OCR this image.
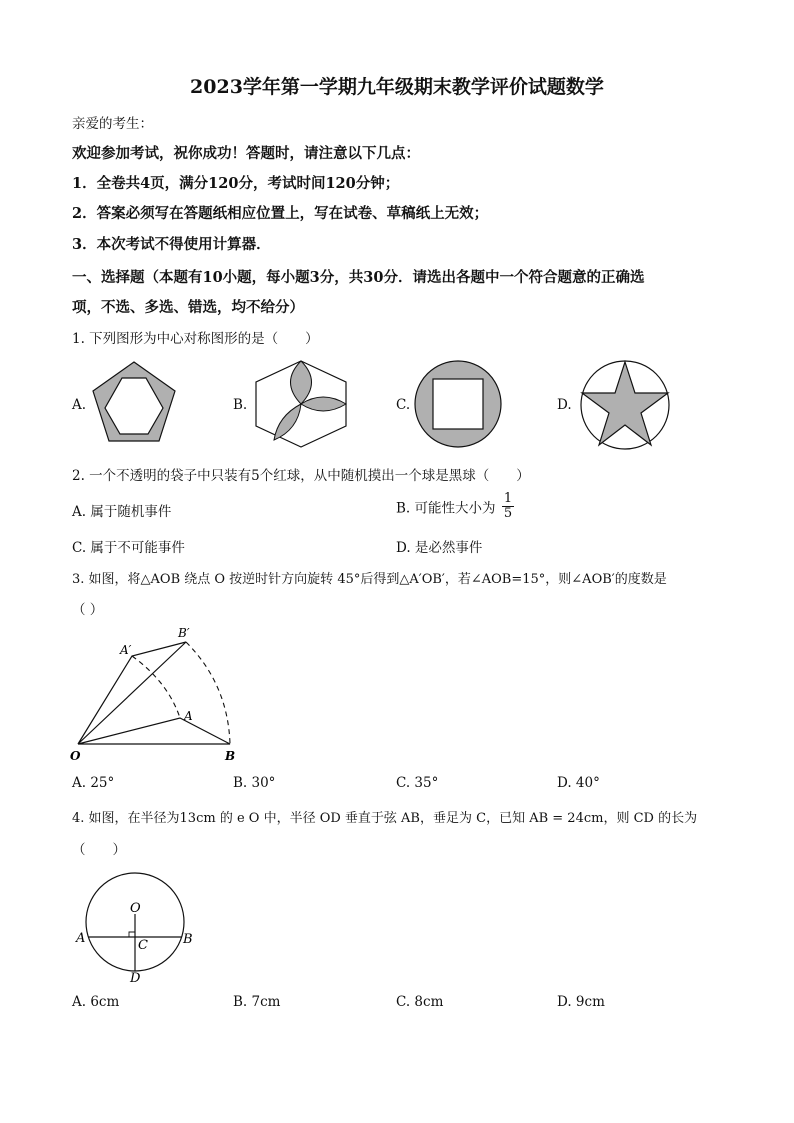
2023学年第一学期九年级期末教学评价试题数学
亲爱的考生：
欢迎参加考试，祝你成功！答题时，请注意以下几点：
1．全卷共4页，满分120分，考试时间120分钟；
2．答案必须写在答题纸相应位置上，写在试卷、草稿纸上无效；
3．本次考试不得使用计算器．
一、选择题（本题有10小题，每小题3分，共30分．请选出各题中一个符合题意的正确选
项，不选、多选、错选，均不给分）
1. 下列图形为中心对称图形的是（　　）
A.	B.	C.	D.
2. 一个不透明的袋子中只装有5个红球，从中随机摸出一个球是黑球（　　）
A. 属于随机事件	B. 可能性大小为 $\frac{1}{5}$
C. 属于不可能事件	D. 是必然事件
3. 如图，将△AOB 绕点 O 按逆时针方向旋转 45°后得到△A′OB′，若∠AOB=15°，则∠AOB′的度数是
（ ）
A′
B′
A
O	B
A. 25°	B. 30°	C. 35°	D. 40°
4. 如图，在半径为13cm 的 e O 中，半径 OD 垂直于弦 AB，垂足为 C，已知 AB = 24cm，则 CD 的长为
（　　）
O
A	B
C
D
A. 6cm	B. 7cm	C. 8cm	D. 9cm
